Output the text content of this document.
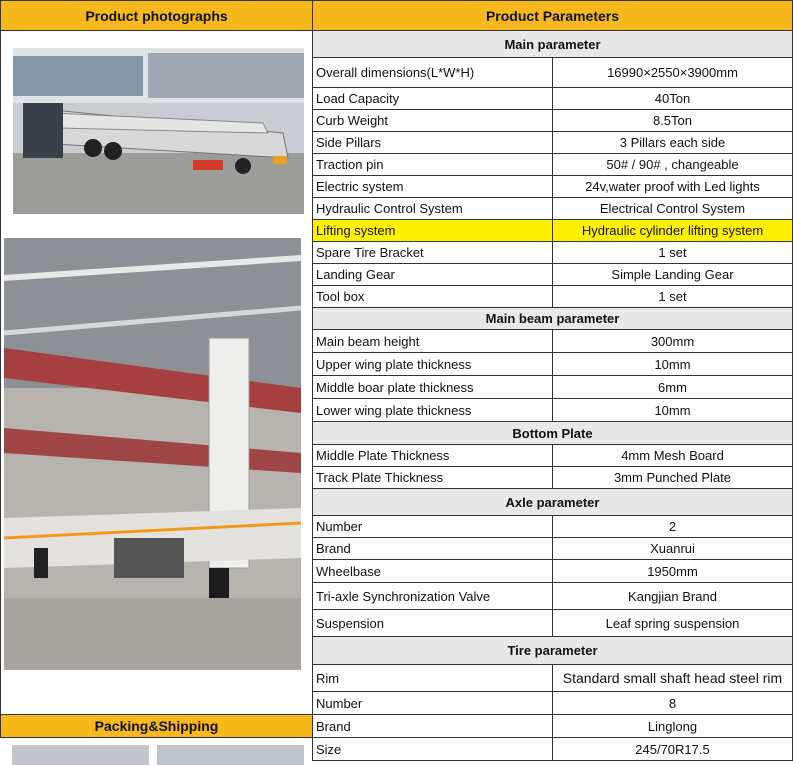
Product photographs	Product Parameters
Packing&Shipping
Main parameter	
Overall dimensions(L*W*H)	16990×2550×3900mm
Load Capacity	40Ton
Curb Weight	8.5Ton
Side Pillars	3 Pillars each side
Traction pin	50# / 90# , changeable
Electric system	24v,water proof with Led lights
Hydraulic Control System	Electrical Control System
Lifting system	Hydraulic cylinder lifting system
Spare Tire Bracket	1 set
Landing Gear	Simple Landing Gear
Tool box	1 set
Main beam parameter	
Main beam height	300mm
Upper wing plate thickness	10mm
Middle boar plate thickness	6mm
Lower wing plate thickness	10mm
Bottom Plate	
Middle Plate Thickness	4mm Mesh Board
Track Plate Thickness	3mm Punched Plate
Axle parameter	
Number	2
Brand	Xuanrui
Wheelbase	1950mm
Tri-axle Synchronization Valve	Kangjian Brand
Suspension	Leaf spring suspension
Tire parameter	
Rim	Standard small shaft head steel rim
Number	8
Brand	Linglong
Size	245/70R17.5
